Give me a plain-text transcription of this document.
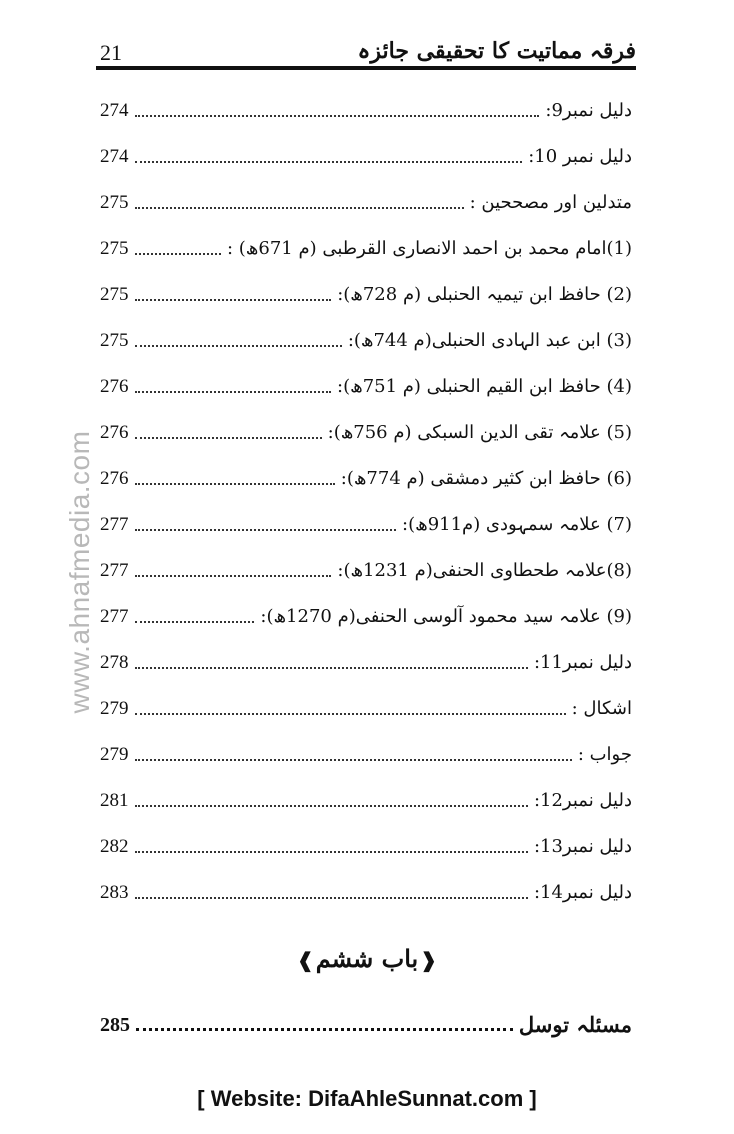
21	فرقہ مماتیت کا تحقیقی جائزہ
www.ahnafmedia.com
دلیل نمبر9:
274
دلیل نمبر 10:
274
متدلین اور مصححین :
275
(1)امام محمد بن احمد الانصاری القرطبی (م 671ھ) :
275
(2) حافظ ابن تیمیہ الحنبلی (م 728ھ):
275
(3) ابن عبد الہادی الحنبلی(م 744ھ):
275
(4) حافظ ابن القیم الحنبلی (م 751ھ):
276
(5) علامہ تقی الدین السبکی (م 756ھ):
276
(6) حافظ ابن کثیر دمشقی (م 774ھ):
276
(7) علامہ سمہودی (م911ھ):
277
(8)علامہ طحطاوی الحنفی(م 1231ھ):
277
(9) علامہ سید محمود آلوسی الحنفی(م 1270ھ):
277
دلیل نمبر11:
278
اشکال :
279
جواب :
279
دلیل نمبر12:
281
دلیل نمبر13:
282
دلیل نمبر14:
283
❰باب ششم❱
مسئلہ توسل
285
[ Website: DifaAhleSunnat.com ]
